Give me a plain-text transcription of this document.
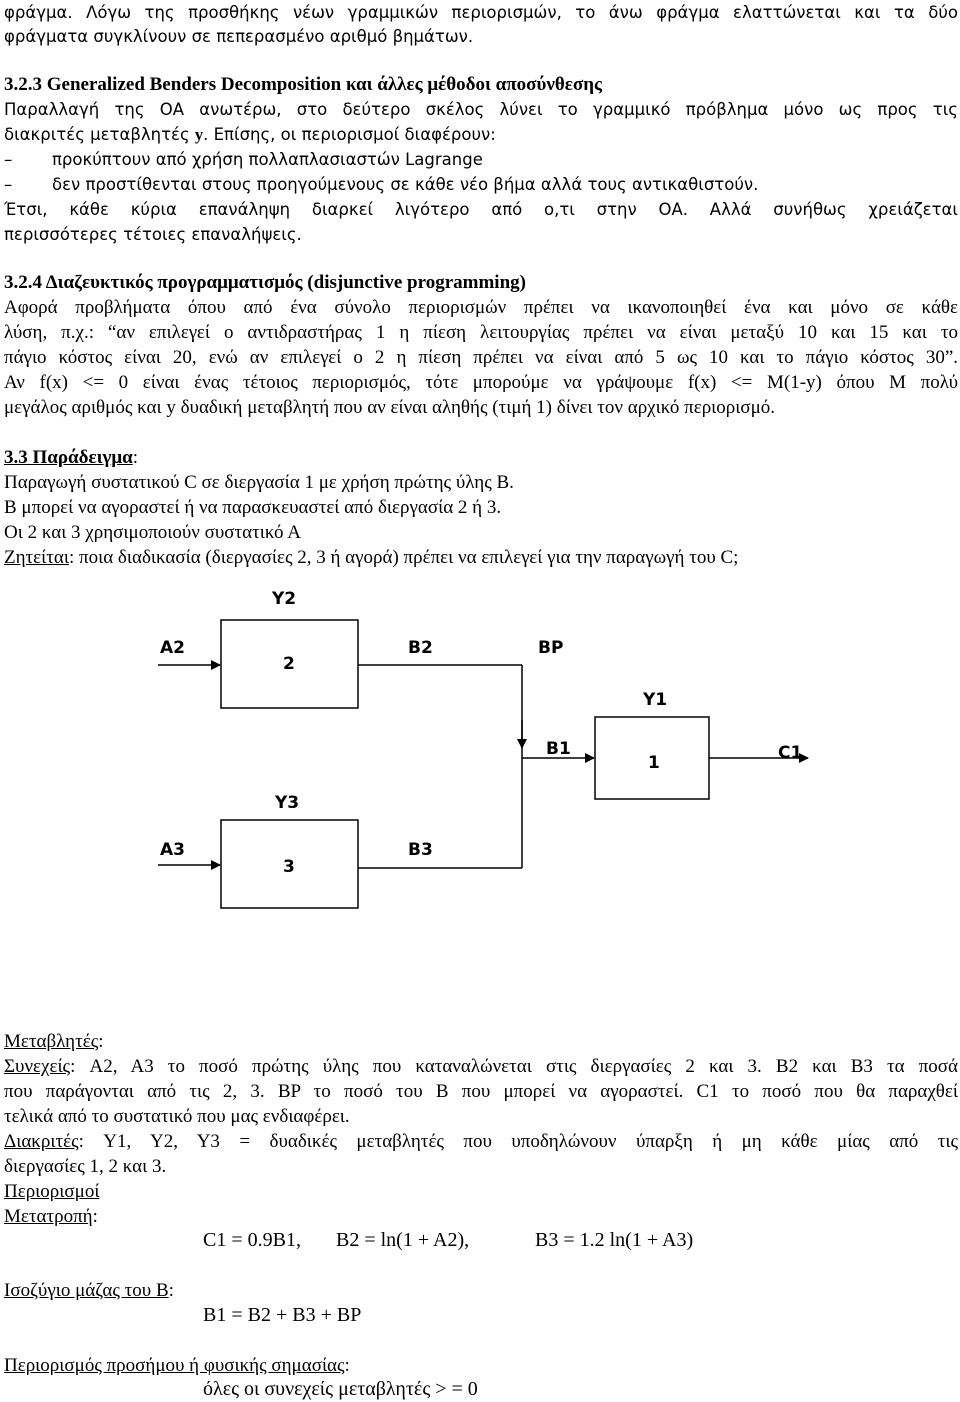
φράγμα. Λόγω της προσθήκης νέων γραμμικών περιορισμών, το άνω φράγμα ελαττώνεται και τα δύο
φράγματα συγκλίνουν σε πεπερασμένο αριθμό βημάτων.
3.2.3 Generalized Benders Decomposition και άλλες μέθοδοι αποσύνθεσης
Παραλλαγή της ΟΑ ανωτέρω, στο δεύτερο σκέλος λύνει το γραμμικό πρόβλημα μόνο ως προς τις
διακριτές μεταβλητές y. Επίσης, οι περιορισμοί διαφέρουν:
– προκύπτουν από χρήση πολλαπλασιαστών Lagrange
– δεν προστίθενται στους προηγούμενους σε κάθε νέο βήμα αλλά τους αντικαθιστούν.
Έτσι, κάθε κύρια επανάληψη διαρκεί λιγότερο από ο,τι στην ΟΑ. Αλλά συνήθως χρειάζεται
περισσότερες τέτοιες επαναλήψεις.
3.2.4 Διαζευκτικός προγραμματισμός (disjunctive programming)
Αφορά προβλήματα όπου από ένα σύνολο περιορισμών πρέπει να ικανοποιηθεί ένα και μόνο σε κάθε
λύση, π.χ.: “αν επιλεγεί ο αντιδραστήρας 1 η πίεση λειτουργίας πρέπει να είναι μεταξύ 10 και 15 και το
πάγιο κόστος είναι 20, ενώ αν επιλεγεί ο 2 η πίεση πρέπει να είναι από 5 ως 10 και το πάγιο κόστος 30”.
Αν f(x) <= 0 είναι ένας τέτοιος περιορισμός, τότε μπορούμε να γράψουμε f(x) <= M(1-y) όπου Μ πολύ
μεγάλος αριθμός και y δυαδική μεταβλητή που αν είναι αληθής (τιμή 1) δίνει τον αρχικό περιορισμό.
3.3 Παράδειγμα:
Παραγωγή συστατικού C σε διεργασία 1 με χρήση πρώτης ύλης B.
B μπορεί να αγοραστεί ή να παρασκευαστεί από διεργασία 2 ή 3.
Οι 2 και 3 χρησιμοποιούν συστατικό Α
Ζητείται: ποια διαδικασία (διεργασίες 2, 3 ή αγορά) πρέπει να επιλεγεί για την παραγωγή του C;
Y2
A2
2
B2	BP
Y1
B1
1	C1
Y3
A3
3
B3
Μεταβλητές:
Συνεχείς: A2, A3 το ποσό πρώτης ύλης που καταναλώνεται στις διεργασίες 2 και 3. B2 και B3 τα ποσά
που παράγονται από τις 2, 3. BP το ποσό του B που μπορεί να αγοραστεί. C1 το ποσό που θα παραχθεί
τελικά από το συστατικό που μας ενδιαφέρει.
Διακριτές: Y1, Y2, Y3 = δυαδικές μεταβλητές που υποδηλώνουν ύπαρξη ή μη κάθε μίας από τις
διεργασίες 1, 2 και 3.
Περιορισμοί
Μετατροπή:
C1 = 0.9B1, B2 = ln(1 + A2),	B3 = 1.2 ln(1 + A3)
Ισοζύγιο μάζας του B:
B1 = B2 + B3 + BP
Περιορισμός προσήμου ή φυσικής σημασίας:
όλες οι συνεχείς μεταβλητές > = 0
